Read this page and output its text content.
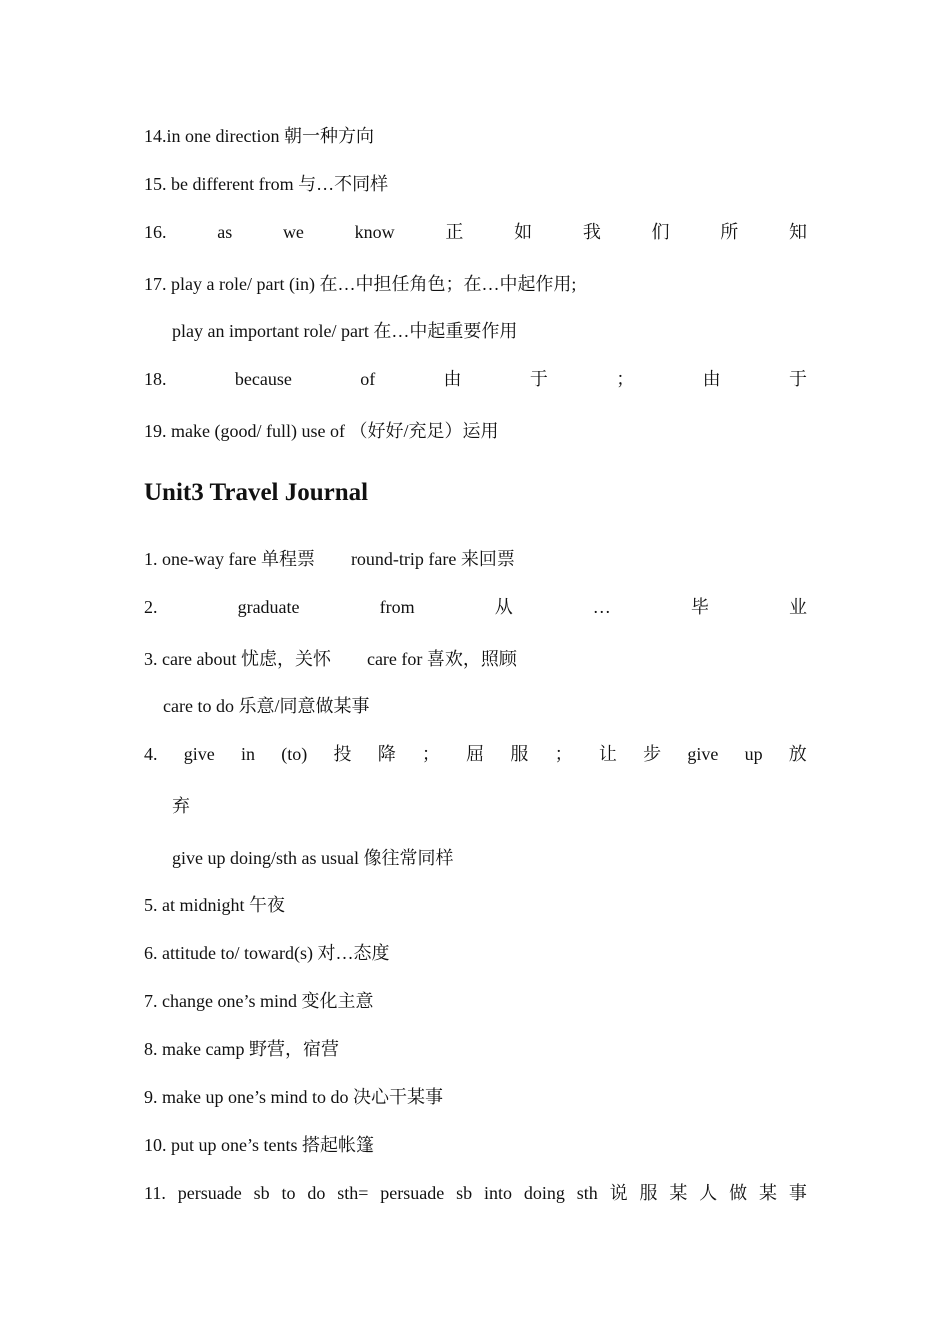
14.in one direction 朝一种方向
15. be different from 与…不同样
16.	as	we	know	正	如	我	们	所	知
17. play a role/ part (in) 在…中担任角色；在…中起作用;
play an important role/ part 在…中起重要作用
18.	because	of	由	于	；	由	于
19. make (good/ full) use of （好好/充足）运用
Unit3 Travel Journal
1. one-way fare 单程票　　round-trip fare 来回票
2.	graduate	from	从	…	毕	业
3. care about 忧虑，关怀　　care for 喜欢，照顾
care to do 乐意/同意做某事
4. give in (to) 投 降 ； 屈 服 ； 让 步 give up 放
弃
give up doing/sth as usual 像往常同样
5. at midnight 午夜
6. attitude to/ toward(s) 对…态度
7. change one’s mind 变化主意
8. make camp 野营，宿营
9. make up one’s mind to do 决心干某事
10. put up one’s tents 搭起帐篷
11. persuade sb to do sth= persuade sb into doing sth 说 服 某 人 做 某 事
